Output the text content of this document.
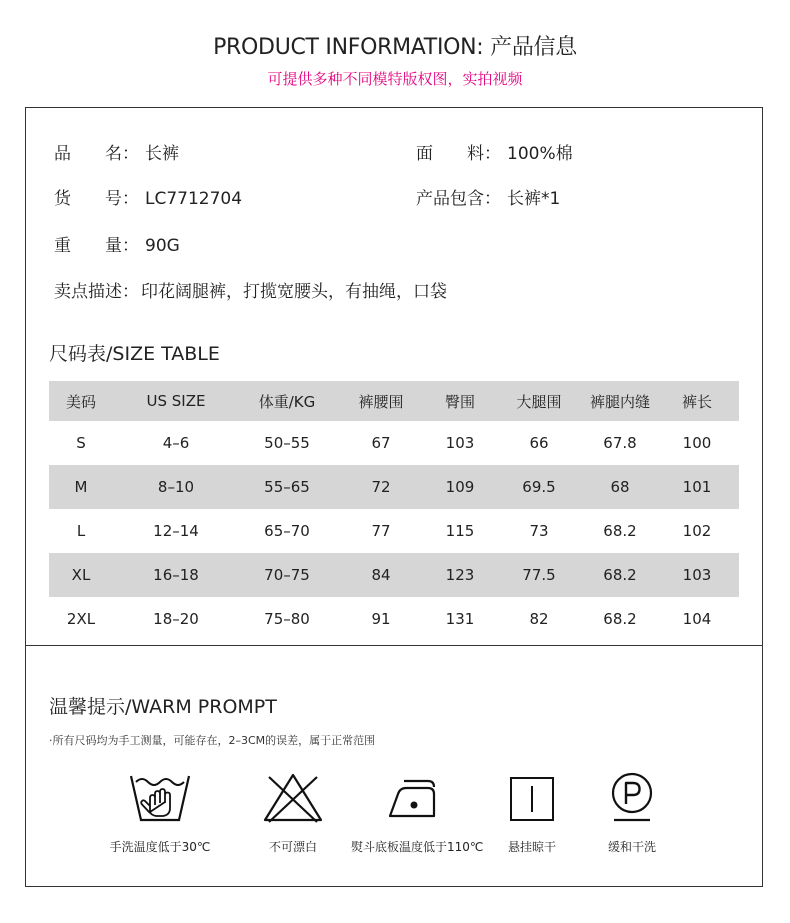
PRODUCT INFORMATION: 产品信息
可提供多种不同模特版权图，实拍视频
品　　名： 长裤	面　　料： 100%棉
货　　号： LC7712704	产品包含： 长裤*1
重　　量： 90G
卖点描述： 印花阔腿裤，打揽宽腰头，有抽绳，口袋
尺码表/SIZE TABLE
美码	US SIZE	体重/KG	裤腰围	臀围	大腿围	裤腿内缝	裤长
S	4–6	50–55	67	103	66	67.8	100
M	8–10	55–65	72	109	69.5	68	101
L	12–14	65–70	77	115	73	68.2	102
XL	16–18	70–75	84	123	77.5	68.2	103
2XL	18–20	75–80	91	131	82	68.2	104
温馨提示/WARM PROMPT
·所有尺码均为手工测量，可能存在，2–3CM的误差，属于正常范围
手洗温度低于30℃	不可漂白	熨斗底板温度低于110℃	悬挂晾干	缓和干洗
